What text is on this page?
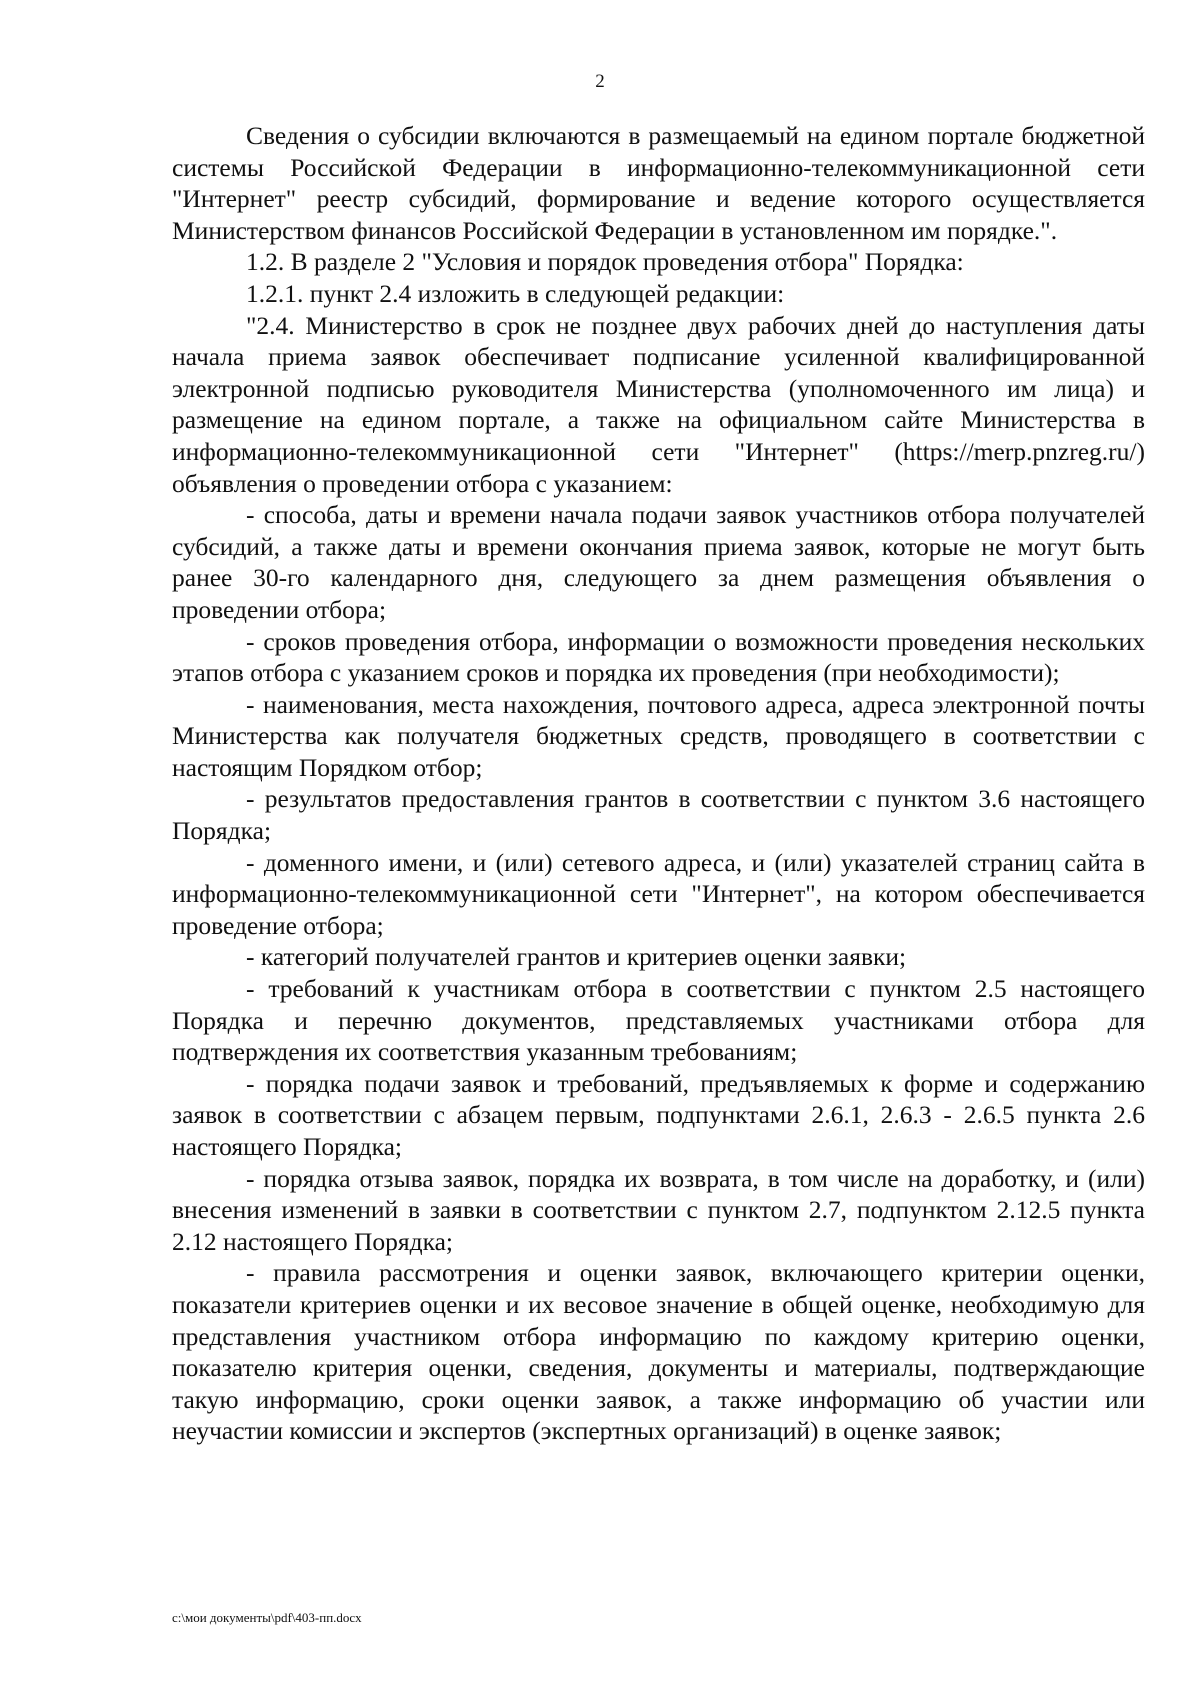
2

Сведения о субсидии включаются в размещаемый на едином портале бюджетной системы Российской Федерации в информационно-телекоммуникационной сети "Интернет" реестр субсидий, формирование и ведение которого осуществляется Министерством финансов Российской Федерации в установленном им порядке.".

1.2. В разделе 2 "Условия и порядок проведения отбора" Порядка:

1.2.1. пункт 2.4 изложить в следующей редакции:

"2.4. Министерство в срок не позднее двух рабочих дней до наступления даты начала приема заявок обеспечивает подписание усиленной квалифицированной электронной подписью руководителя Министерства (уполномоченного им лица) и размещение на едином портале, а также на официальном сайте Министерства в информационно-телекоммуникационной сети "Интернет" (https://merp.pnzreg.ru/) объявления о проведении отбора с указанием:

- способа, даты и времени начала подачи заявок участников отбора получателей субсидий, а также даты и времени окончания приема заявок, которые не могут быть ранее 30-го календарного дня, следующего за днем размещения объявления о проведении отбора;

- сроков проведения отбора, информации о возможности проведения нескольких этапов отбора с указанием сроков и порядка их проведения (при необходимости);

- наименования, места нахождения, почтового адреса, адреса электронной почты Министерства как получателя бюджетных средств, проводящего в соответствии с настоящим Порядком отбор;

- результатов предоставления грантов в соответствии с пунктом 3.6 настоящего Порядка;

- доменного имени, и (или) сетевого адреса, и (или) указателей страниц сайта в информационно-телекоммуникационной сети "Интернет", на котором обеспечивается проведение отбора;

- категорий получателей грантов и критериев оценки заявки;

- требований к участникам отбора в соответствии с пунктом 2.5 настоящего Порядка и перечню документов, представляемых участниками отбора для подтверждения их соответствия указанным требованиям;

- порядка подачи заявок и требований, предъявляемых к форме и содержанию заявок в соответствии с абзацем первым, подпунктами 2.6.1, 2.6.3 - 2.6.5 пункта 2.6 настоящего Порядка;

- порядка отзыва заявок, порядка их возврата, в том числе на доработку, и (или) внесения изменений в заявки в соответствии с пунктом 2.7, подпунктом 2.12.5 пункта 2.12 настоящего Порядка;

- правила рассмотрения и оценки заявок, включающего критерии оценки, показатели критериев оценки и их весовое значение в общей оценке, необходимую для представления участником отбора информацию по каждому критерию оценки, показателю критерия оценки, сведения, документы и материалы, подтверждающие такую информацию, сроки оценки заявок, а также информацию об участии или неучастии комиссии и экспертов (экспертных организаций) в оценке заявок;

c:\мои документы\pdf\403-пп.docx
